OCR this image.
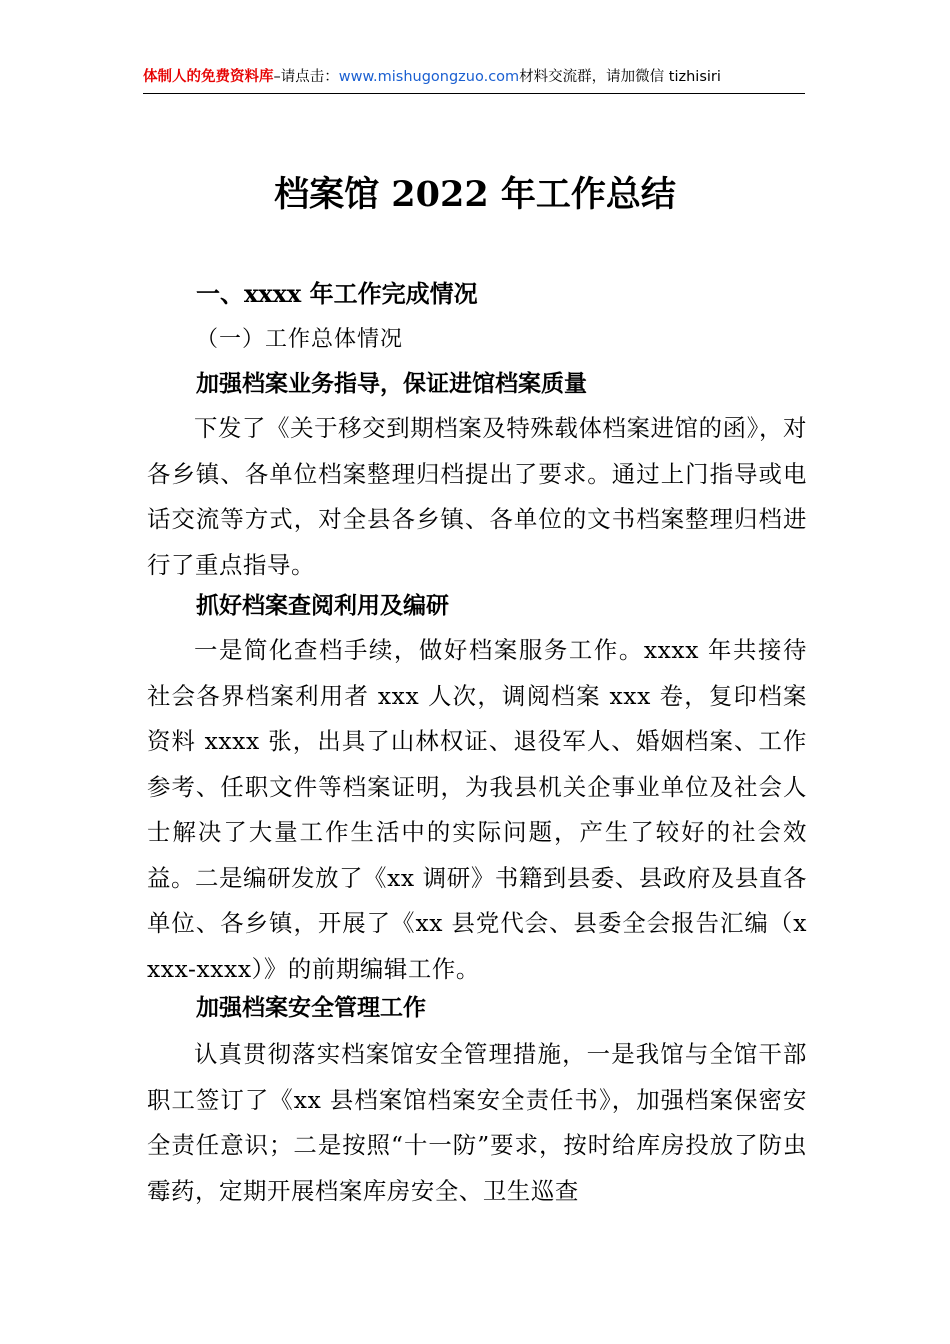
体制人的免费资料库–请点击：www.mishugongzuo.com材料交流群，请加微信 tizhisiri
档案馆 2022 年工作总结
一、xxxx 年工作完成情况
（一）工作总体情况
加强档案业务指导，保证进馆档案质量
下发了《关于移交到期档案及特殊载体档案进馆的函》，对各乡镇、各单位档案整理归档提出了要求。通过上门指导或电话交流等方式，对全县各乡镇、各单位的文书档案整理归档进行了重点指导。
抓好档案查阅利用及编研
一是简化查档手续，做好档案服务工作。xxxx 年共接待社会各界档案利用者 xxx 人次，调阅档案 xxx 卷，复印档案资料 xxxx 张，出具了山林权证、退役军人、婚姻档案、工作参考、任职文件等档案证明，为我县机关企事业单位及社会人士解决了大量工作生活中的实际问题，产生了较好的社会效益。二是编研发放了《xx 调研》书籍到县委、县政府及县直各单位、各乡镇，开展了《xx 县党代会、县委全会报告汇编（xxxx-xxxx）》的前期编辑工作。
加强档案安全管理工作
认真贯彻落实档案馆安全管理措施，一是我馆与全馆干部职工签订了《xx 县档案馆档案安全责任书》，加强档案保密安全责任意识；二是按照“十一防”要求，按时给库房投放了防虫霉药，定期开展档案库房安全、卫生巡查
